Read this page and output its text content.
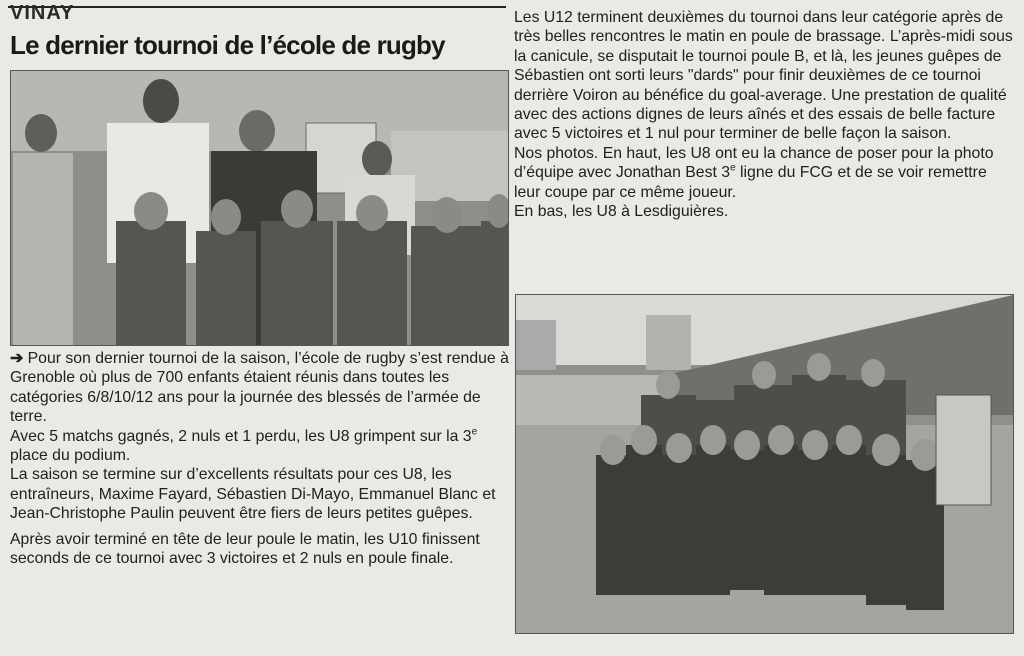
VINAY
Le dernier tournoi de l’école de rugby

➔ Pour son dernier tournoi de la saison, l’école de rugby s’est rendue à Grenoble où plus de 700 enfants étaient réunis dans toutes les catégories 6/8/10/12 ans pour la journée des blessés de l’armée de terre.

Avec 5 matchs gagnés, 2 nuls et 1 perdu, les U8 grimpent sur la 3e place du podium.

La saison se termine sur d’excellents résultats pour ces U8, les entraîneurs, Maxime Fayard, Sébastien Di-Mayo, Emmanuel Blanc et Jean-Christophe Paulin peuvent être fiers de leurs petites guêpes.

Après avoir terminé en tête de leur poule le matin, les U10 finissent seconds de ce tournoi avec 3 victoires et 2 nuls en poule finale.

Les U12 terminent deuxièmes du tournoi dans leur catégorie après de très belles rencontres le matin en poule de brassage. L’après-midi sous la canicule, se disputait le tournoi poule B, et là, les jeunes guêpes de Sébastien ont sorti leurs "dards" pour finir deuxièmes de ce tournoi derrière Voiron au bénéfice du goal-average. Une prestation de qualité avec des actions dignes de leurs aînés et des essais de belle facture avec 5 victoires et 1 nul pour terminer de belle façon la saison.

Nos photos. En haut, les U8 ont eu la chance de poser pour la photo d’équipe avec Jonathan Best 3e ligne du FCG et de se voir remettre leur coupe par ce même joueur.

En bas, les U8 à Lesdiguières.
